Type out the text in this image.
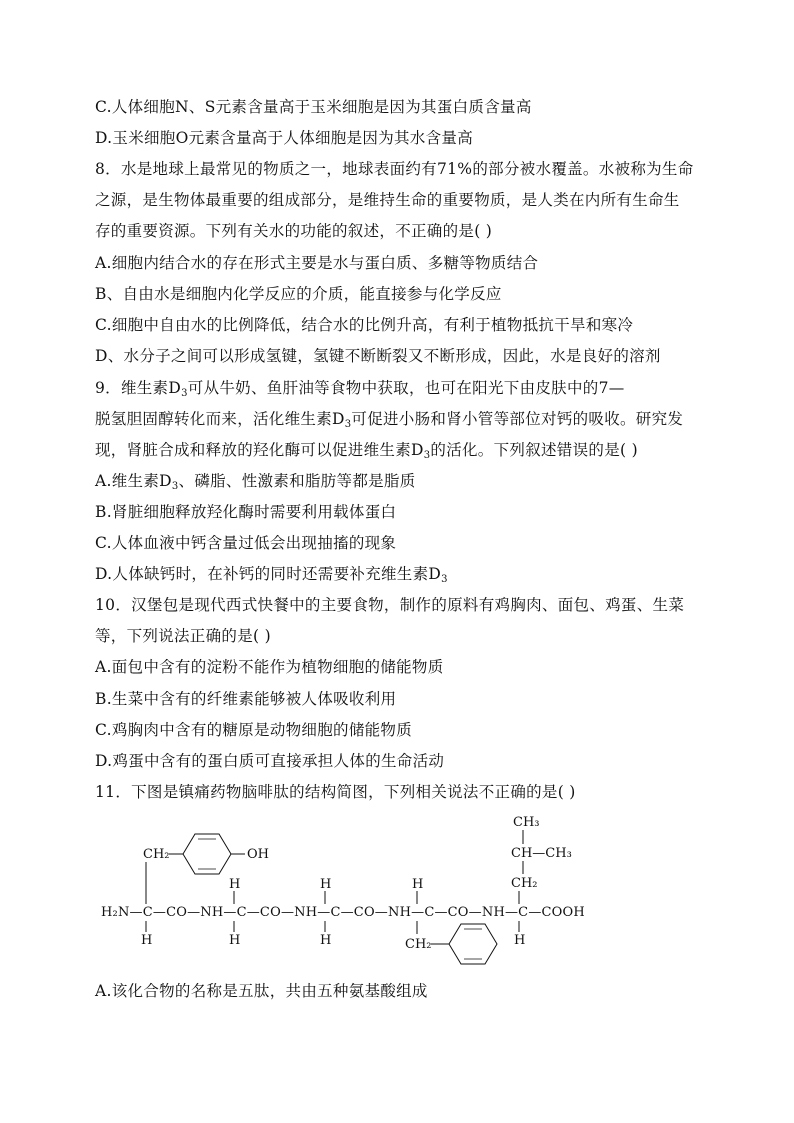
C.人体细胞N、S元素含量高于玉米细胞是因为其蛋白质含量高
D.玉米细胞O元素含量高于人体细胞是因为其水含量高
8．水是地球上最常见的物质之一，地球表面约有71%的部分被水覆盖。水被称为生命
之源，是生物体最重要的组成部分，是维持生命的重要物质，是人类在内所有生命生
存的重要资源。下列有关水的功能的叙述，不正确的是( )
A.细胞内结合水的存在形式主要是水与蛋白质、多糖等物质结合
B、自由水是细胞内化学反应的介质，能直接参与化学反应
C.细胞中自由水的比例降低，结合水的比例升高，有利于植物抵抗干旱和寒冷
D、水分子之间可以形成氢键，氢键不断断裂又不断形成，因此，水是良好的溶剂
9．维生素$D_3$可从牛奶、鱼肝油等食物中获取，也可在阳光下由皮肤中的7—
脱氢胆固醇转化而来，活化维生素$D_3$可促进小肠和肾小管等部位对钙的吸收。研究发
现，肾脏合成和释放的羟化酶可以促进维生素$D_3$的活化。下列叙述错误的是( )
A.维生素$D_3$、磷脂、性激素和脂肪等都是脂质
B.肾脏细胞释放羟化酶时需要利用载体蛋白
C.人体血液中钙含量过低会出现抽搐的现象
D.人体缺钙时，在补钙的同时还需要补充维生素$D_3$
10．汉堡包是现代西式快餐中的主要食物，制作的原料有鸡胸肉、面包、鸡蛋、生菜
等，下列说法正确的是( )
A.面包中含有的淀粉不能作为植物细胞的储能物质
B.生菜中含有的纤维素能够被人体吸收利用
C.鸡胸肉中含有的糖原是动物细胞的储能物质
D.鸡蛋中含有的蛋白质可直接承担人体的生命活动
11．下图是镇痛药物脑啡肽的结构简图，下列相关说法不正确的是( )
CH₂	OH
CH₃
CH—CH₃
CH₂
H	H	H
H₂N—C—CO—NH—C—CO—NH—C—CO—NH—C—CO—NH—C—COOH
H	H	H	H
CH₂
A.该化合物的名称是五肽，共由五种氨基酸组成
